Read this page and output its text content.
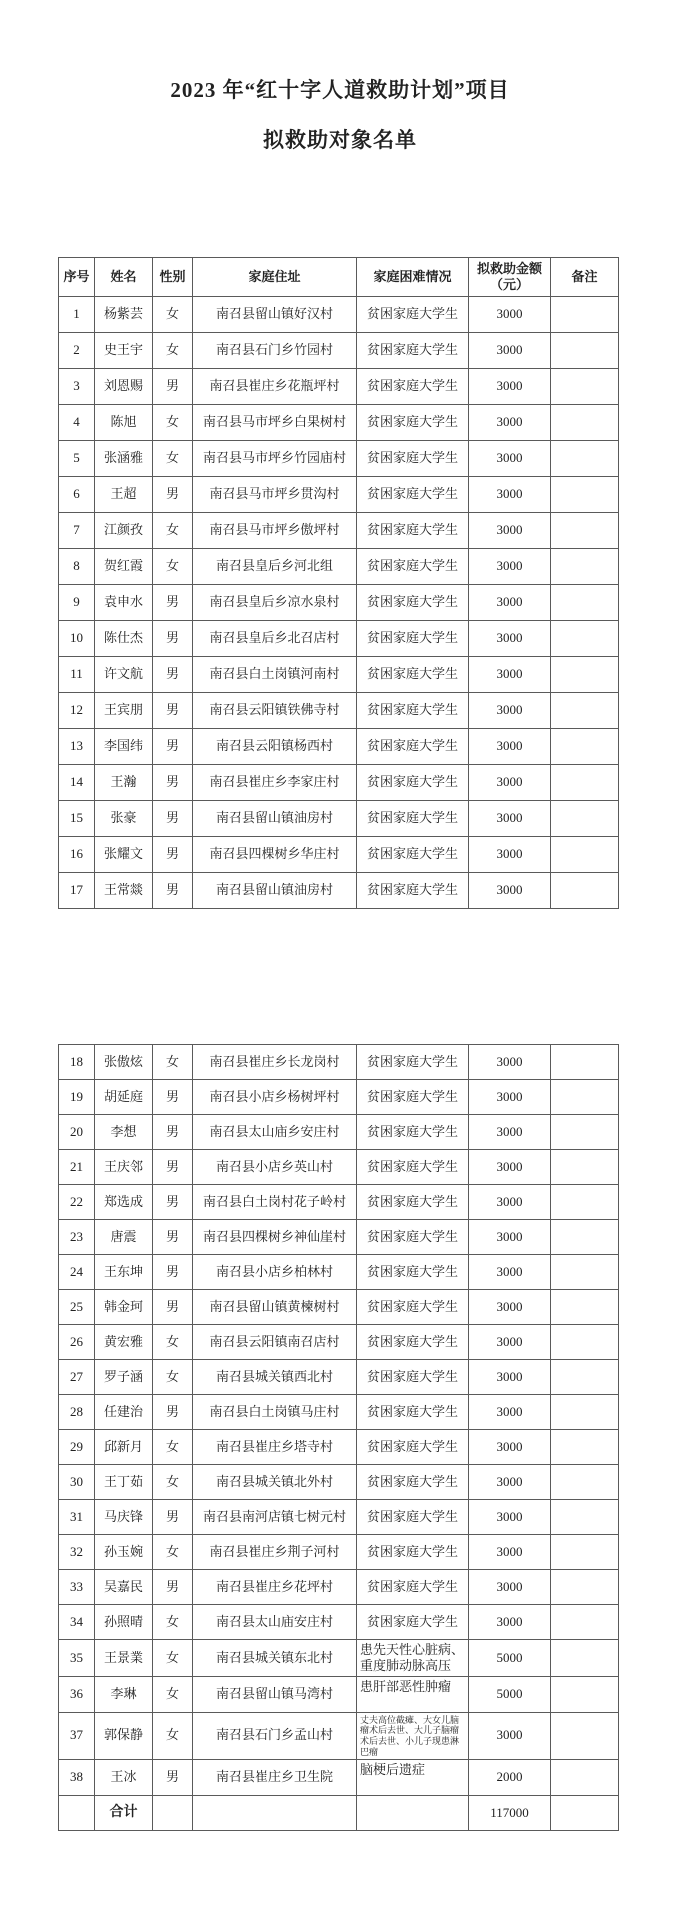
2023 年“红十字人道救助计划”项目
拟救助对象名单
序号	姓名	性别	家庭住址	家庭困难情况	拟救助金额（元）	备注
1	杨紫芸	女	南召县留山镇好汉村	贫困家庭大学生	3000	
2	史王宇	女	南召县石门乡竹园村	贫困家庭大学生	3000	
3	刘恩赐	男	南召县崔庄乡花瓶坪村	贫困家庭大学生	3000	
4	陈旭	女	南召县马市坪乡白果树村	贫困家庭大学生	3000	
5	张涵雅	女	南召县马市坪乡竹园庙村	贫困家庭大学生	3000	
6	王超	男	南召县马市坪乡贯沟村	贫困家庭大学生	3000	
7	江颜孜	女	南召县马市坪乡傲坪村	贫困家庭大学生	3000	
8	贺红霞	女	南召县皇后乡河北组	贫困家庭大学生	3000	
9	袁申水	男	南召县皇后乡凉水泉村	贫困家庭大学生	3000	
10	陈仕杰	男	南召县皇后乡北召店村	贫困家庭大学生	3000	
11	许文航	男	南召县白土岗镇河南村	贫困家庭大学生	3000	
12	王宾朋	男	南召县云阳镇铁佛寺村	贫困家庭大学生	3000	
13	李国纬	男	南召县云阳镇杨西村	贫困家庭大学生	3000	
14	王瀚	男	南召县崔庄乡李家庄村	贫困家庭大学生	3000	
15	张豪	男	南召县留山镇油房村	贫困家庭大学生	3000	
16	张耀文	男	南召县四棵树乡华庄村	贫困家庭大学生	3000	
17	王常燚	男	南召县留山镇油房村	贫困家庭大学生	3000	
18	张傲炫	女	南召县崔庄乡长龙岗村	贫困家庭大学生	3000	
19	胡延庭	男	南召县小店乡杨树坪村	贫困家庭大学生	3000	
20	李想	男	南召县太山庙乡安庄村	贫困家庭大学生	3000	
21	王庆邻	男	南召县小店乡英山村	贫困家庭大学生	3000	
22	郑选成	男	南召县白土岗村花子岭村	贫困家庭大学生	3000	
23	唐震	男	南召县四棵树乡神仙崖村	贫困家庭大学生	3000	
24	王东坤	男	南召县小店乡柏林村	贫困家庭大学生	3000	
25	韩金珂	男	南召县留山镇黄楝树村	贫困家庭大学生	3000	
26	黄宏雅	女	南召县云阳镇南召店村	贫困家庭大学生	3000	
27	罗子涵	女	南召县城关镇西北村	贫困家庭大学生	3000	
28	任建治	男	南召县白土岗镇马庄村	贫困家庭大学生	3000	
29	邱新月	女	南召县崔庄乡塔寺村	贫困家庭大学生	3000	
30	王丁茹	女	南召县城关镇北外村	贫困家庭大学生	3000	
31	马庆锋	男	南召县南河店镇七树元村	贫困家庭大学生	3000	
32	孙玉婉	女	南召县崔庄乡荆子河村	贫困家庭大学生	3000	
33	吴嘉民	男	南召县崔庄乡花坪村	贫困家庭大学生	3000	
34	孙照晴	女	南召县太山庙安庄村	贫困家庭大学生	3000	
35	王景業	女	南召县城关镇东北村	患先天性心脏病、重度肺动脉高压	5000	
36	李琳	女	南召县留山镇马湾村	患肝部恶性肿瘤	5000	
37	郭保静	女	南召县石门乡孟山村	丈夫高位截瘫、大女儿脑瘤术后去世、大儿子脑瘤术后去世、小儿子现患淋巴瘤	3000	
38	王冰	男	南召县崔庄乡卫生院	脑梗后遗症	2000	
	合计				117000	
